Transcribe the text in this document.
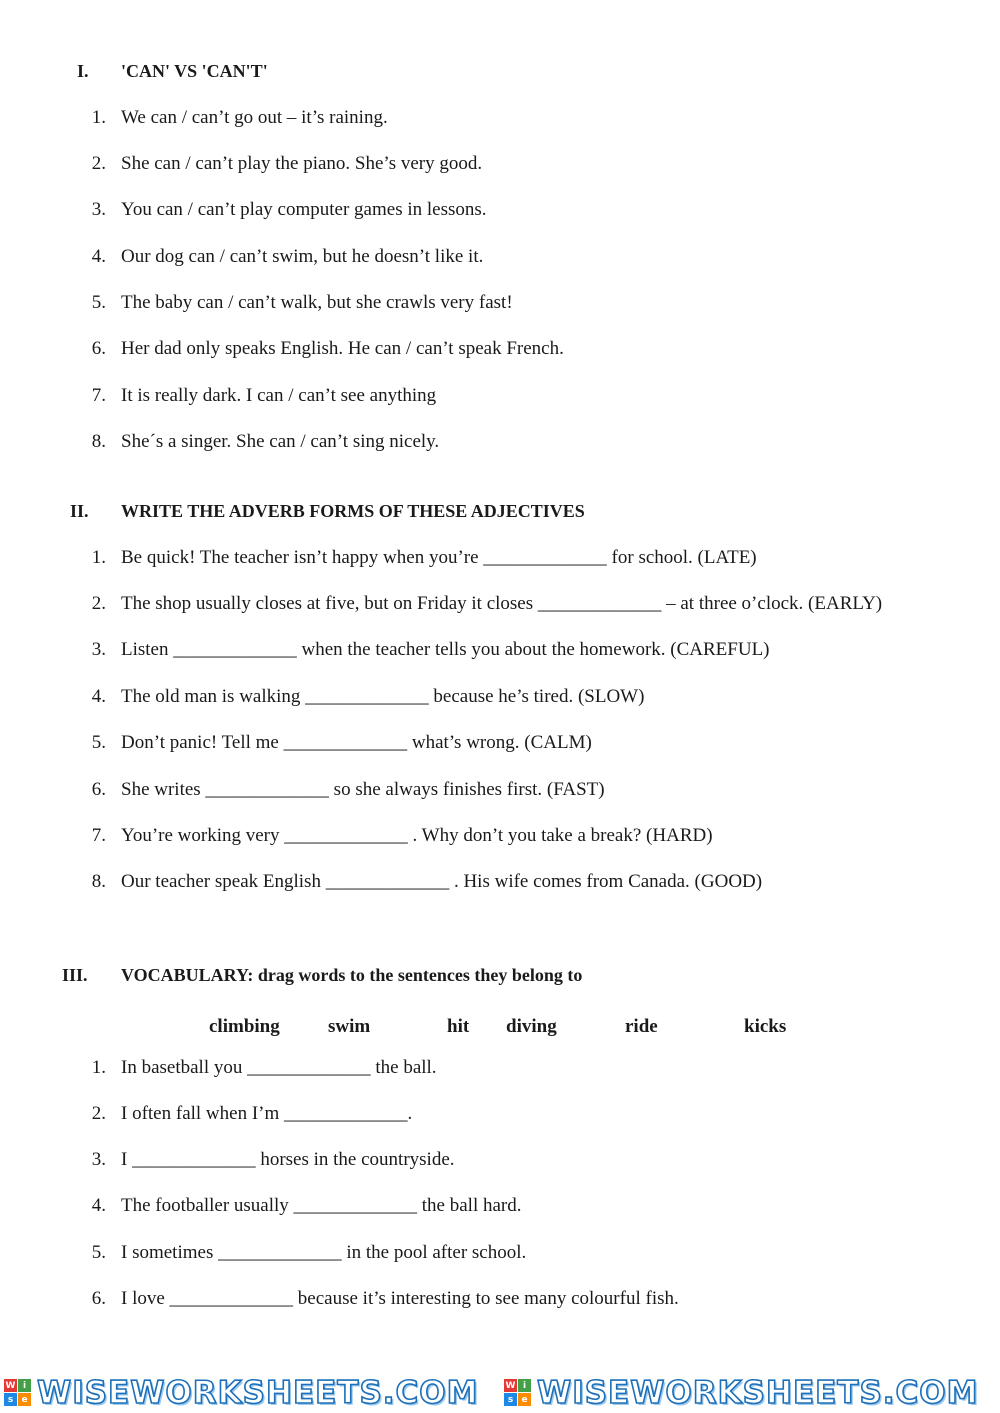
I. 'CAN' VS 'CAN'T'
1. We can / can’t go out – it’s raining.
2. She can / can’t play the piano. She’s very good.
3. You can / can’t play computer games in lessons.
4. Our dog can / can’t swim, but he doesn’t like it.
5. The baby can / can’t walk, but she crawls very fast!
6. Her dad only speaks English. He can / can’t speak French.
7. It is really dark. I can / can’t see anything
8. She´s a singer. She can / can’t sing nicely.
II. WRITE THE ADVERB FORMS OF THESE ADJECTIVES
1. Be quick! The teacher isn’t happy when you’re _____________ for school. (LATE)
2. The shop usually closes at five, but on Friday it closes _____________ – at three o’clock. (EARLY)
3. Listen _____________ when the teacher tells you about the homework. (CAREFUL)
4. The old man is walking _____________ because he’s tired. (SLOW)
5. Don’t panic! Tell me _____________ what’s wrong. (CALM)
6. She writes _____________ so she always finishes first. (FAST)
7. You’re working very _____________ . Why don’t you take a break? (HARD)
8. Our teacher speak English _____________ . His wife comes from Canada. (GOOD)
III. VOCABULARY: drag words to the sentences they belong to
climbing	swim	hit diving	ride	kicks
1. In basetball you _____________ the ball.
2. I often fall when I’m _____________.
3. I _____________ horses in the countryside.
4. The footballer usually _____________ the ball hard.
5. I sometimes _____________ in the pool after school.
6. I love _____________ because it’s interesting to see many colourful fish.
W i
s e WISEWORKSHEETS.COM	W i
s e WISEWORKSHEETS.COM
